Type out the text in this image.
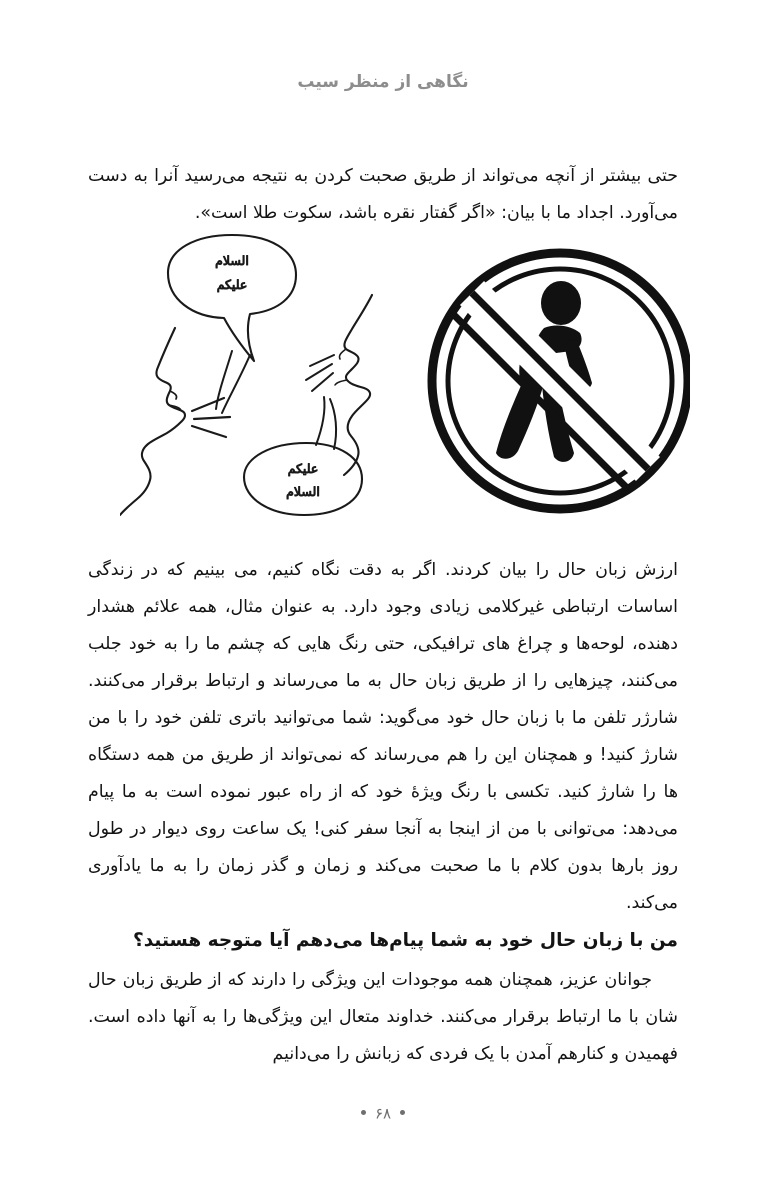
نگاهی از منظر سیب

حتی بیشتر از آنچه می‌تواند از طریق صحبت کردن به نتیجه می‌رسید آنرا به دست می‌آورد. اجداد ما با بیان: «اگر گفتار نقره باشد، سکوت طلا است».

السلام
علیکم
علیکم
السلام

ارزش زبان حال را بیان کردند. اگر به دقت نگاه کنیم، می بینیم که در زندگی اساسات ارتباطی غیرکلامی زیادی وجود دارد. به عنوان مثال، همه علائم هشدار دهنده، لوحه‌ها و چراغ های ترافیکی، حتی رنگ هایی که چشم ما را به خود جلب می‌کنند، چیزهایی را از طریق زبان حال به ما می‌رساند و ارتباط برقرار می‌کنند. شارژر تلفن ما با زبان حال خود می‌گوید: شما می‌توانید باتری تلفن خود را با من شارژ کنید! و همچنان این را هم می‌رساند که نمی‌تواند از طریق من همه دستگاه ها را شارژ کنید. تکسی با رنگ ویژهٔ خود که از راه عبور نموده است به ما پیام می‌دهد: می‌توانی با من از اینجا به آنجا سفر کنی! یک ساعت روی دیوار در طول روز بارها بدون کلام با ما صحبت می‌کند و زمان و گذر زمان را به ما یادآوری می‌کند.

من با زبان حال خود به شما پیام‌ها می‌دهم آیا متوجه هستید؟

جوانان عزیز، همچنان همه موجودات این ویژگی را دارند که از طریق زبان حال شان با ما ارتباط برقرار می‌کنند. خداوند متعال این ویژگی‌ها را به آنها داده است. فهمیدن و کنارهم آمدن با یک فردی که زبانش را می‌دانیم

۶۸
